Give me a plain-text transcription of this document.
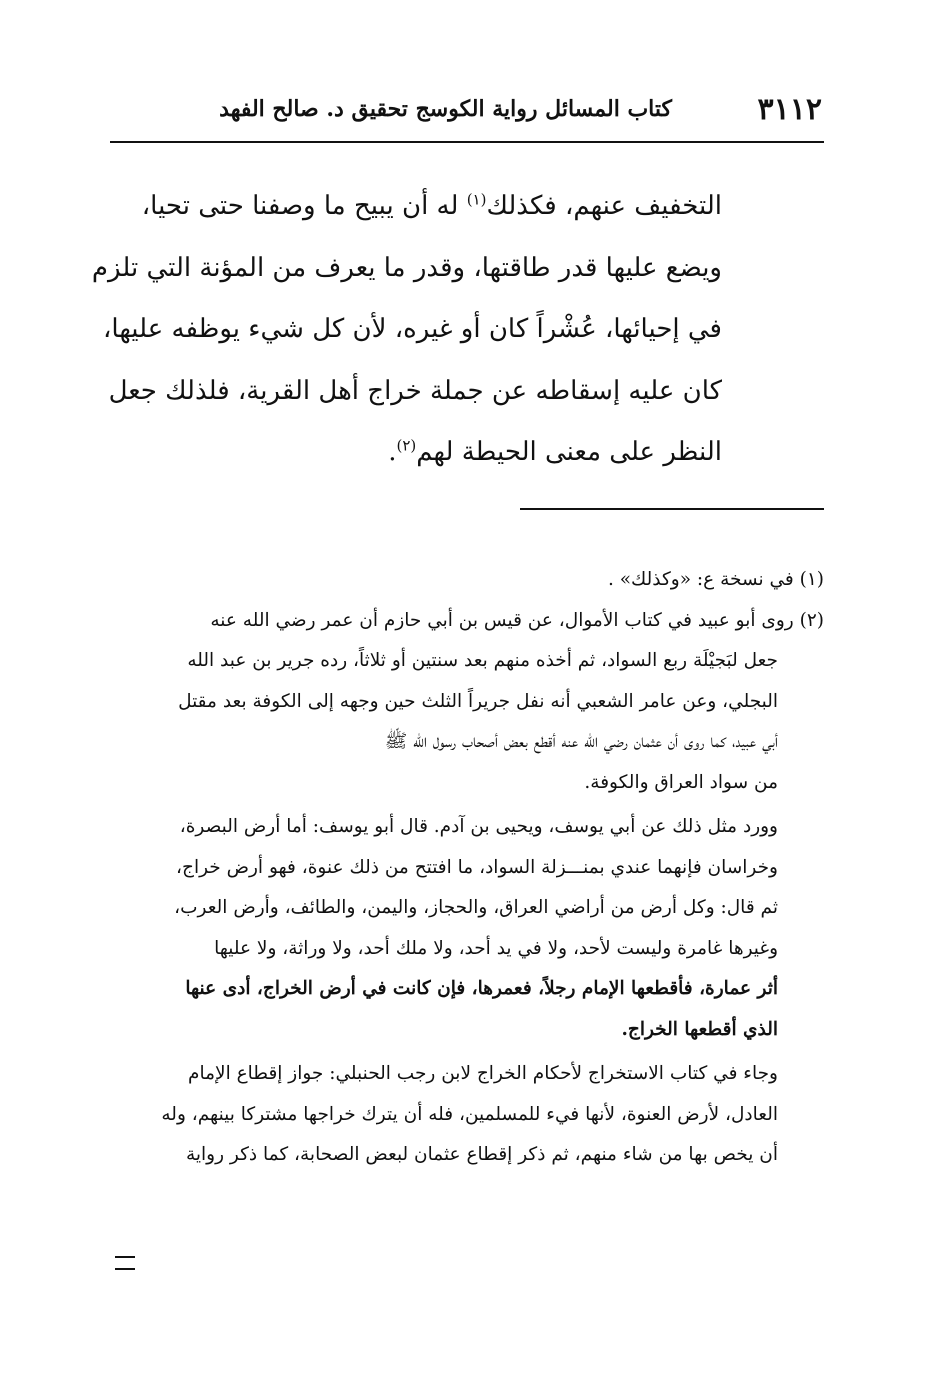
٣١١٢
كتاب المسائل رواية الكوسج تحقيق د. صالح الفهد
التخفيف عنهم، فكذلك$^{(١)}$ له أن يبيح ما وصفنا حتى تحيا،
ويضع عليها قدر طاقتها، وقدر ما يعرف من المؤنة التي تلزم
في إحيائها، عُشْراً كان أو غيره، لأن كل شيء يوظفه عليها،
كان عليه إسقاطه عن جملة خراج أهل القرية، فلذلك جعل
النظر على معنى الحيطة لهم$^{(٢)}$.
(١) في نسخة ع: «وكذلك» .
(٢) روى أبو عبيد في كتاب الأموال، عن قيس بن أبي حازم أن عمر رضي الله عنه
جعل لبَجيْلَة ربع السواد، ثم أخذه منهم بعد سنتين أو ثلاثاً، رده جرير بن عبد الله
البجلي، وعن عامر الشعبي أنه نفل جريراً الثلث حين وجهه إلى الكوفة بعد مقتل
أبي عبيد، كما روى أن عثمان رضي الله عنه أقطع بعض أصحاب رسول الله ﷺ
من سواد العراق والكوفة.
وورد مثل ذلك عن أبي يوسف، ويحيى بن آدم. قال أبو يوسف: أما أرض البصرة،
وخراسان فإنهما عندي بمنـــزلة السواد، ما افتتح من ذلك عنوة، فهو أرض خراج،
ثم قال: وكل أرض من أراضي العراق، والحجاز، واليمن، والطائف، وأرض العرب،
وغيرها غامرة وليست لأحد، ولا في يد أحد، ولا ملك أحد، ولا وراثة، ولا عليها
أثر عمارة، فأقطعها الإمام رجلاً، فعمرها، فإن كانت في أرض الخراج، أدى عنها
الذي أقطعها الخراج.
وجاء في كتاب الاستخراج لأحكام الخراج لابن رجب الحنبلي: جواز إقطاع الإمام
العادل، لأرض العنوة، لأنها فيء للمسلمين، فله أن يترك خراجها مشتركا بينهم، وله
أن يخص بها من شاء منهم، ثم ذكر إقطاع عثمان لبعض الصحابة، كما ذكر رواية
